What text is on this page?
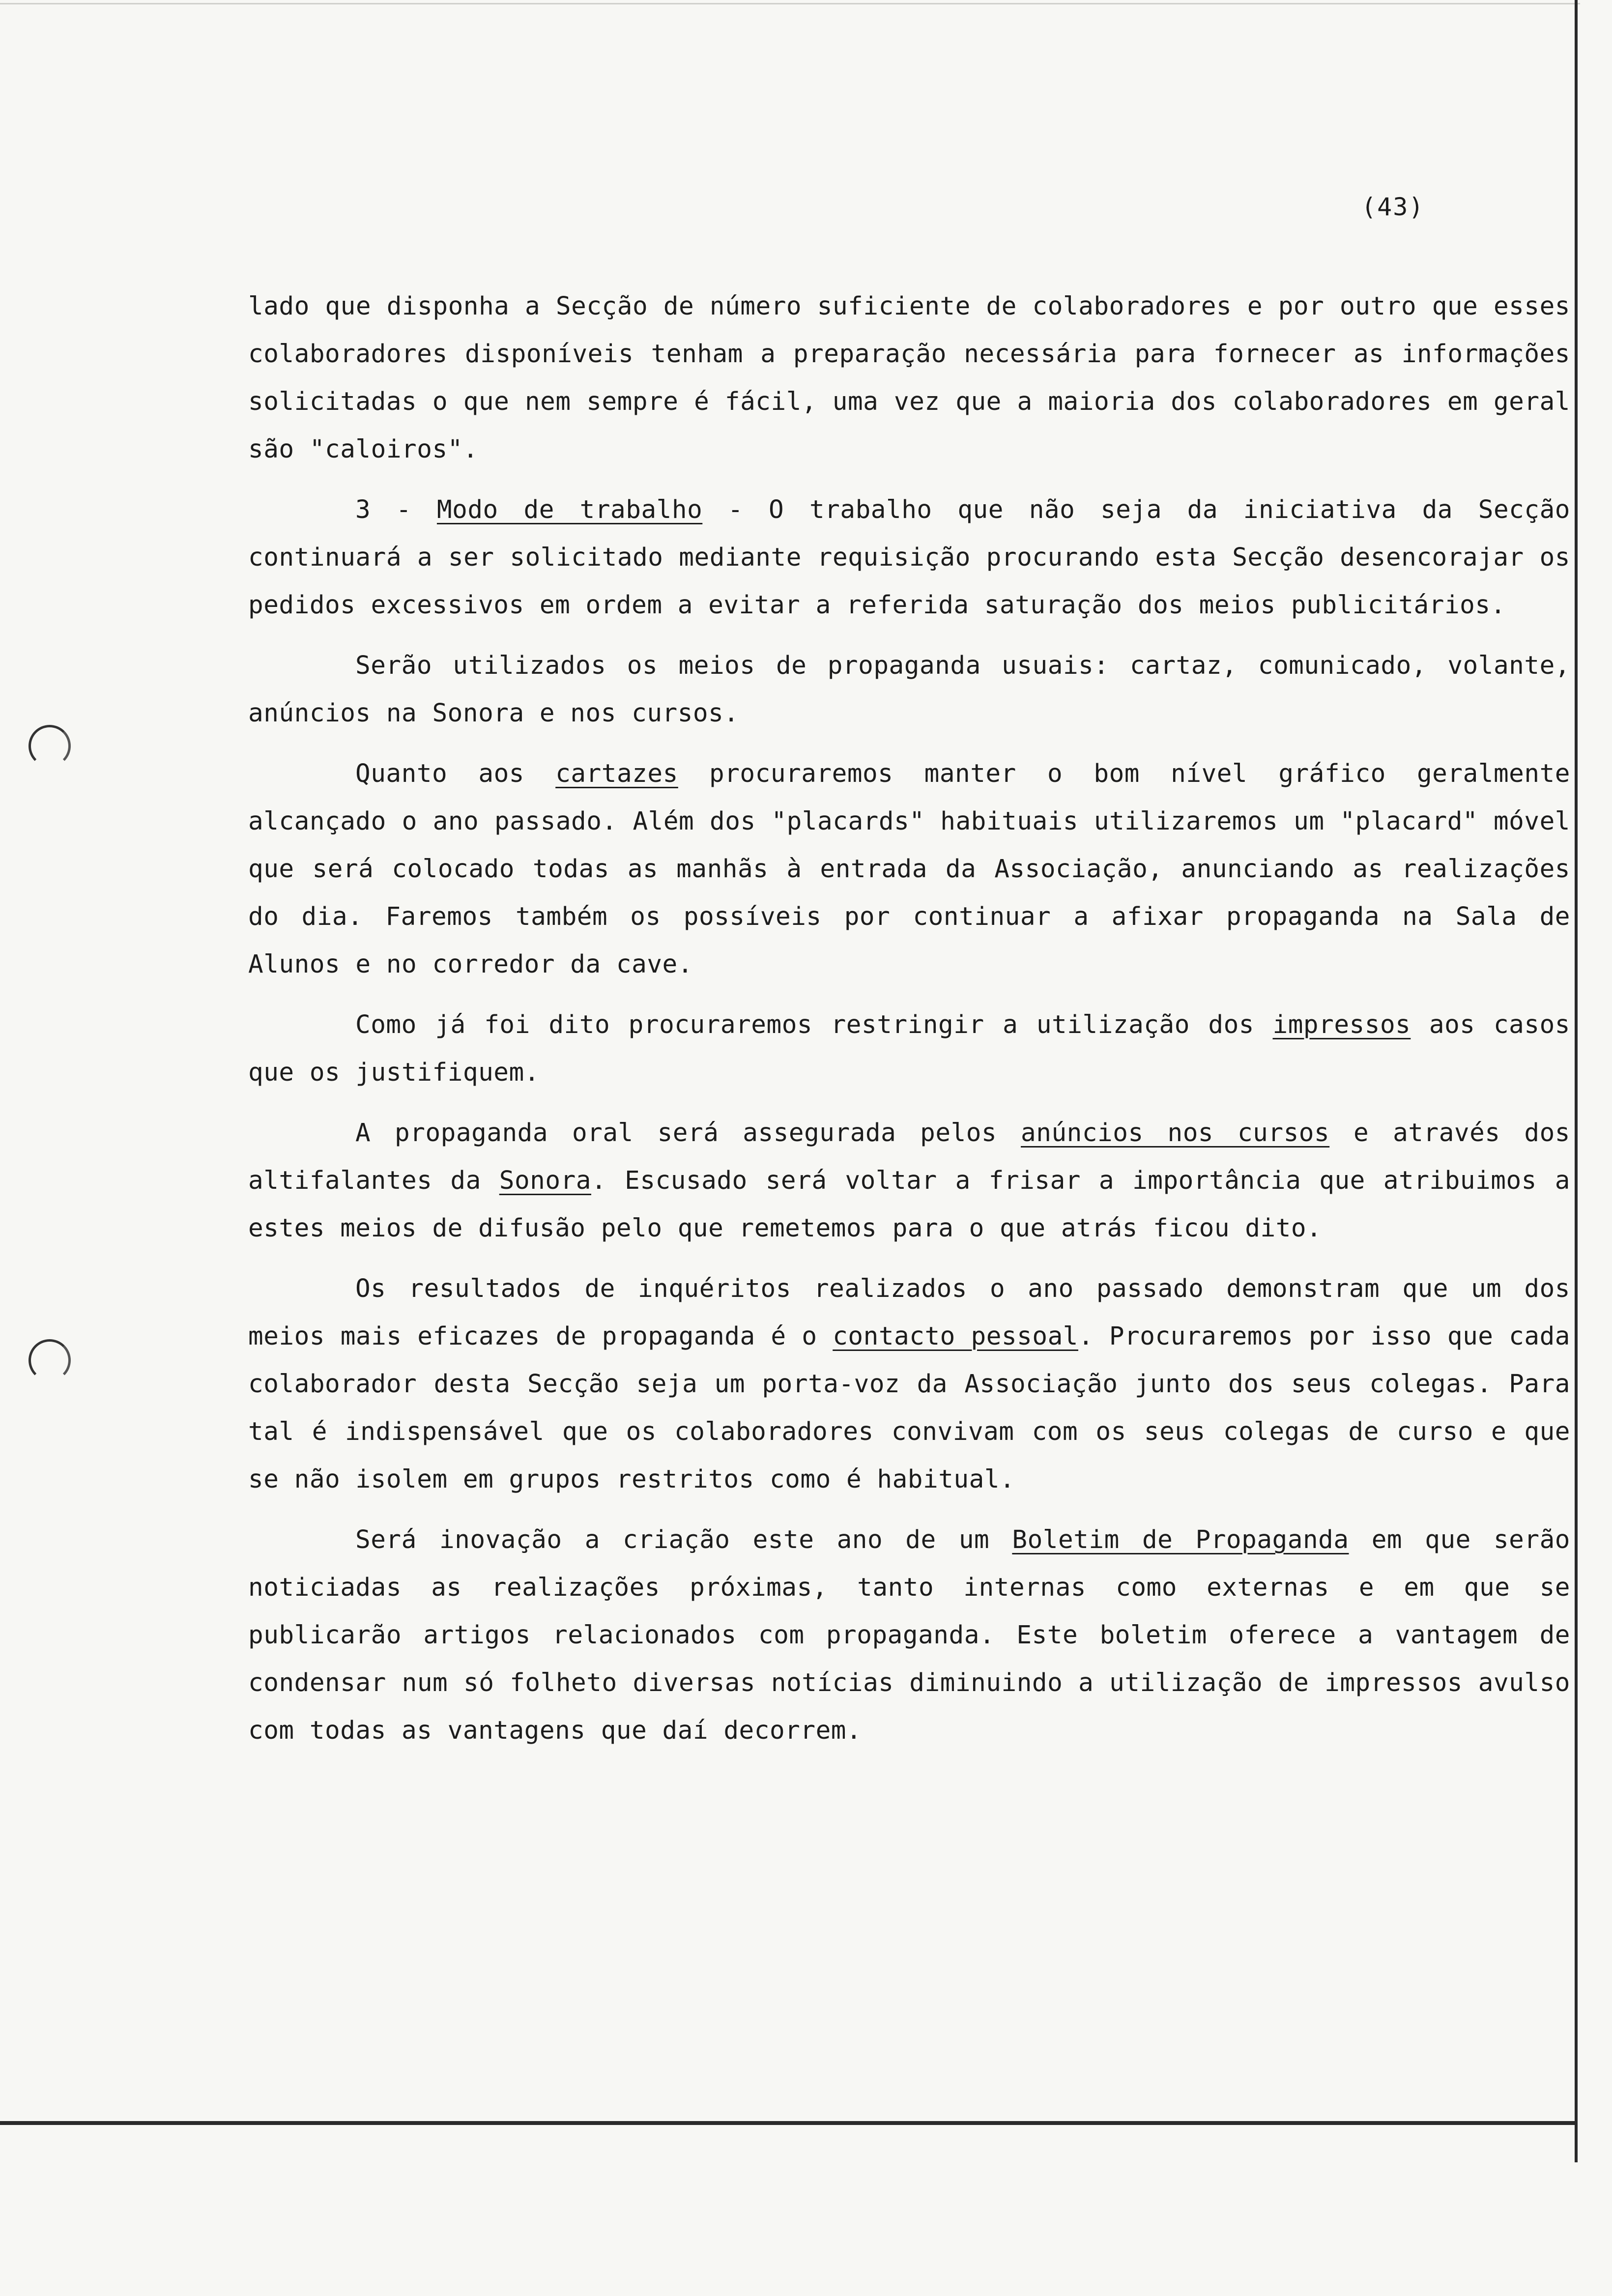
(43)

lado que disponha a Secção de número suficiente de colaboradores e por outro que esses colaboradores disponíveis tenham a preparação necessária para fornecer as informações solicitadas o que nem sempre é fácil, uma vez que a maioria dos colaboradores em geral são "caloiros".

3 - Modo de trabalho - O trabalho que não seja da iniciativa da Secção continuará a ser solicitado mediante requisição procurando esta Secção desencorajar os pedidos excessivos em ordem a evitar a referida saturação dos meios publicitários.

Serão utilizados os meios de propaganda usuais: cartaz, comunicado, volante, anúncios na Sonora e nos cursos.

Quanto aos cartazes procuraremos manter o bom nível gráfico geralmente alcançado o ano passado. Além dos "placards" habituais utilizaremos um "placard" móvel que será colocado todas as manhãs à entrada da Associação, anunciando as realizações do dia. Faremos também os possíveis por continuar a afixar propaganda na Sala de Alunos e no corredor da cave.

Como já foi dito procuraremos restringir a utilização dos impressos aos casos que os justifiquem.

A propaganda oral será assegurada pelos anúncios nos cursos e através dos altifalantes da Sonora. Escusado será voltar a frisar a importância que atribuimos a estes meios de difusão pelo que remetemos para o que atrás ficou dito.

Os resultados de inquéritos realizados o ano passado demonstram que um dos meios mais eficazes de propaganda é o contacto pessoal. Procuraremos por isso que cada colaborador desta Secção seja um porta-voz da Associação junto dos seus colegas. Para tal é indispensável que os colaboradores convivam com os seus colegas de curso e que se não isolem em grupos restritos como é habitual.

Será inovação a criação este ano de um Boletim de Propaganda em que serão noticiadas as realizações próximas, tanto internas como externas e em que se publicarão artigos relacionados com propaganda. Este boletim oferece a vantagem de condensar num só folheto diversas notícias diminuindo a utilização de impressos avulso com todas as vantagens que daí decorrem.
